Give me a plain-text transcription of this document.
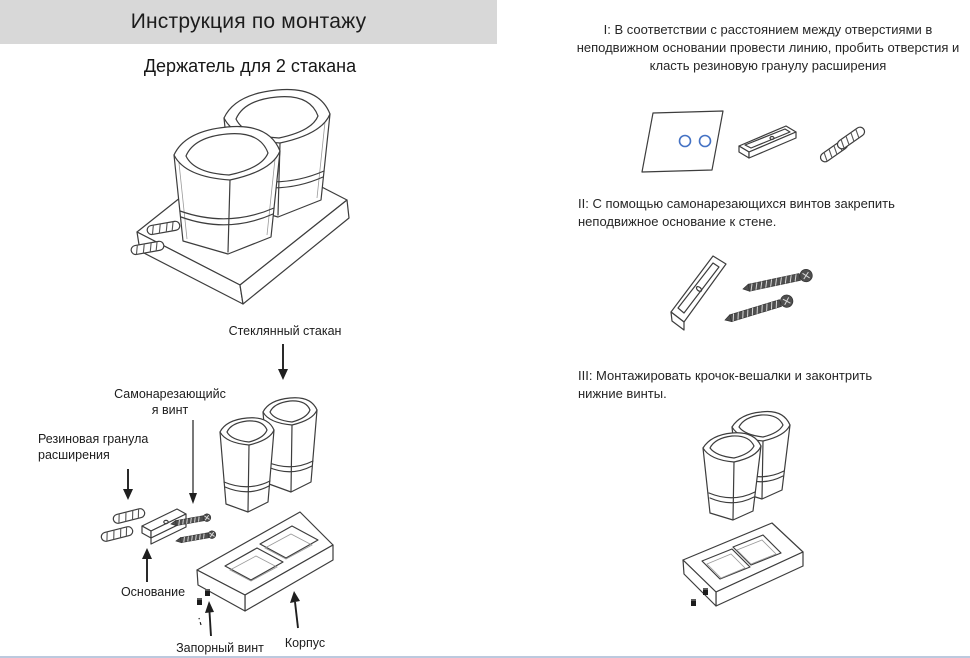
Инструкция по монтажу
Держатель для 2 стакана
Стеклянный стакан
Самонарезающийс
я винт
Резиновая гранула
расширения
Основание
Запорный винт	Корпус
I: В соответствии с расстоянием между отверстиями в неподвижном основании провести линию, пробить отверстия и класть резиновую гранулу расширения
II: С помощью самонарезающихся винтов закрепить неподвижное основание к стене.
III: Монтажировать крочок-вешалки и законтрить нижние винты.
